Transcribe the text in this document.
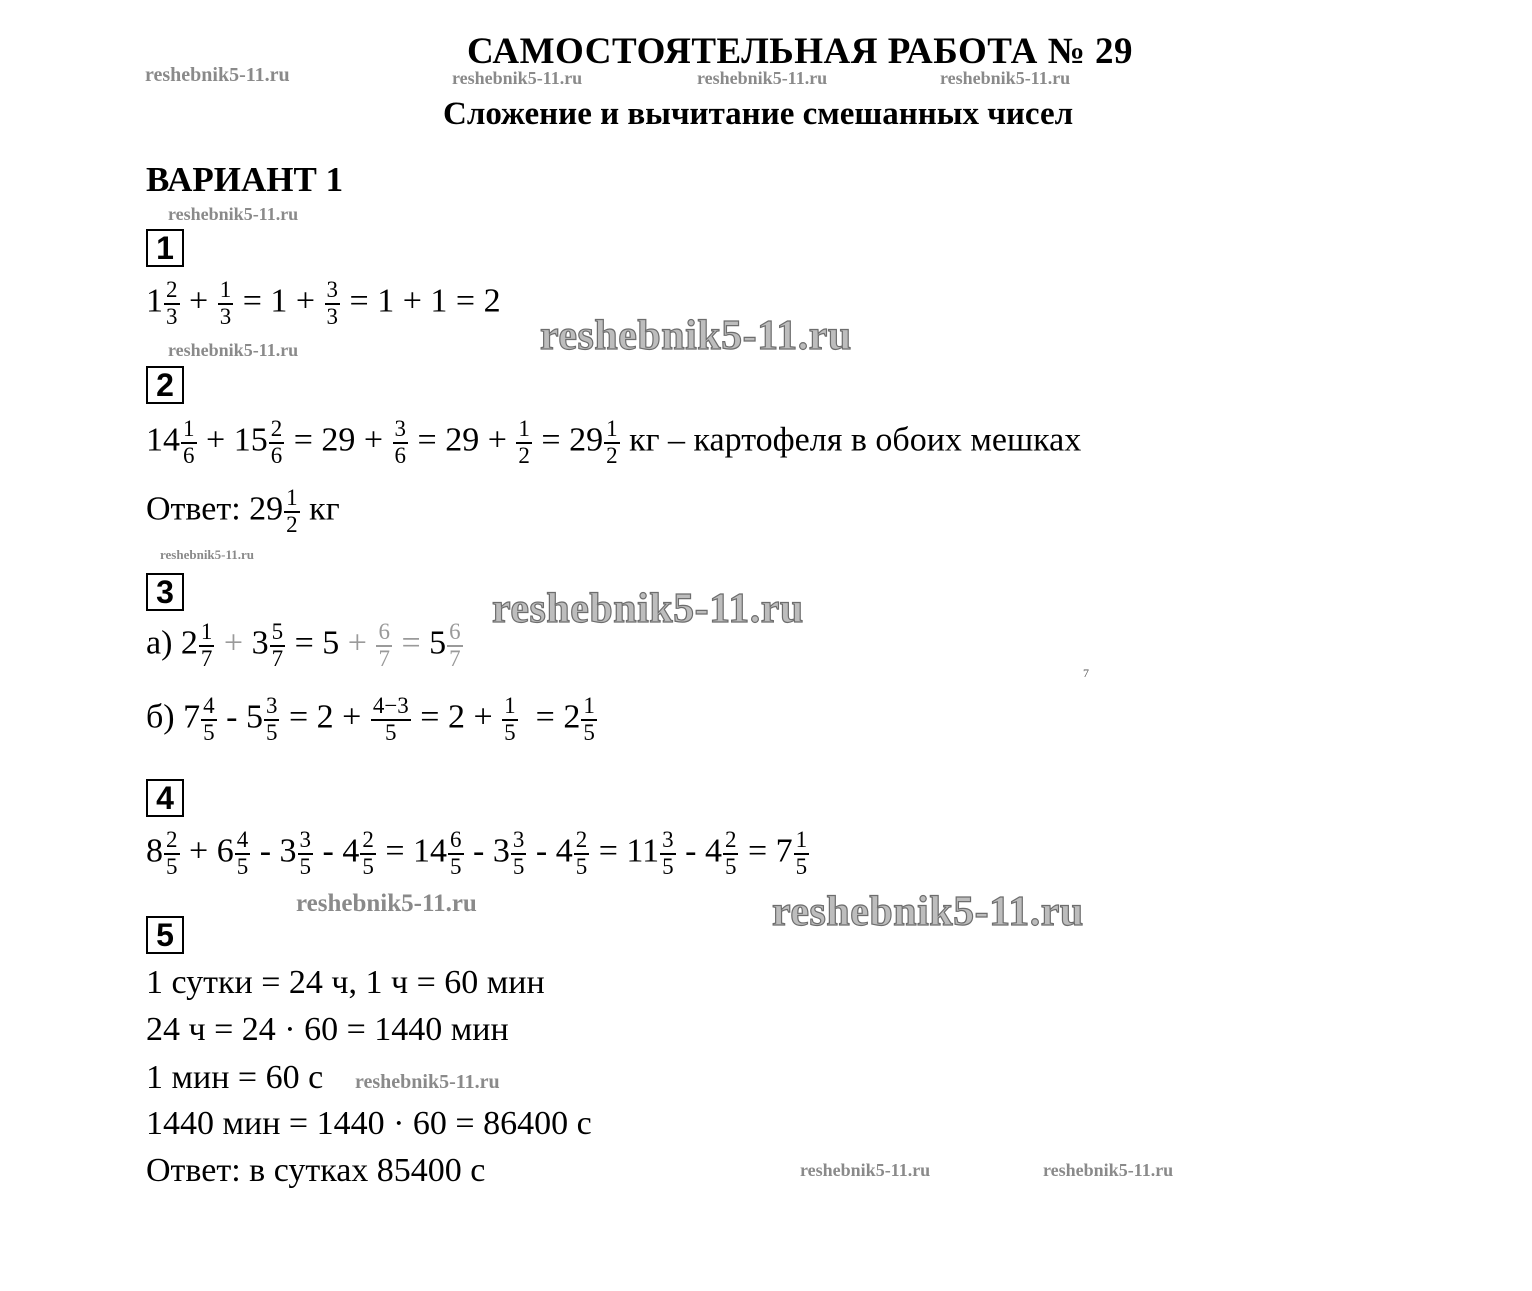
САМОСТОЯТЕЛЬНАЯ РАБОТА № 29
Сложение и вычитание смешанных чисел
ВАРИАНТ 1
reshebnik5-11.ru	reshebnik5-11.ru	reshebnik5-11.ru	reshebnik5-11.ru
reshebnik5-11.ru
reshebnik5-11.ru
reshebnik5-11.ru
reshebnik5-11.ru
reshebnik5-11.ru
reshebnik5-11.ru	reshebnik5-11.ru
reshebnik5-11.ru
reshebnik5-11.ru
reshebnik5-11.ru
1
$1 \frac{2}{3} + \frac{1}{3} = 1 + \frac{3}{3} = 1 + 1 = 2$
2
$14 \frac{1}{6} + 15 \frac{2}{6} = 29 + \frac{3}{6} = 29 + \frac{1}{2} = 29 \frac{1}{2}$ кг – картофеля в обоих мешках
Ответ: $29 \frac{1}{2}$ кг
3
а) $2 \frac{1}{7} + 3 \frac{5}{7} = 5 + \frac{6}{7} = 5 \frac{6}{7}$
7
б) $7 \frac{4}{5} - 5 \frac{3}{5} = 2 + \frac{4-3}{5} = 2 + \frac{1}{5} = 2 \frac{1}{5}$
4
$8 \frac{2}{5} + 6 \frac{4}{5} - 3 \frac{3}{5} - 4 \frac{2}{5} = 14 \frac{6}{5} - 3 \frac{3}{5} - 4 \frac{2}{5} = 11 \frac{3}{5} - 4 \frac{2}{5} = 7 \frac{1}{5}$
5
1 сутки = 24 ч, 1 ч = 60 мин
24 ч = 24 · 60 = 1440 мин
1 мин = 60 с
1440 мин = 1440 · 60 = 86400 с
Ответ: в сутках 85400 с
